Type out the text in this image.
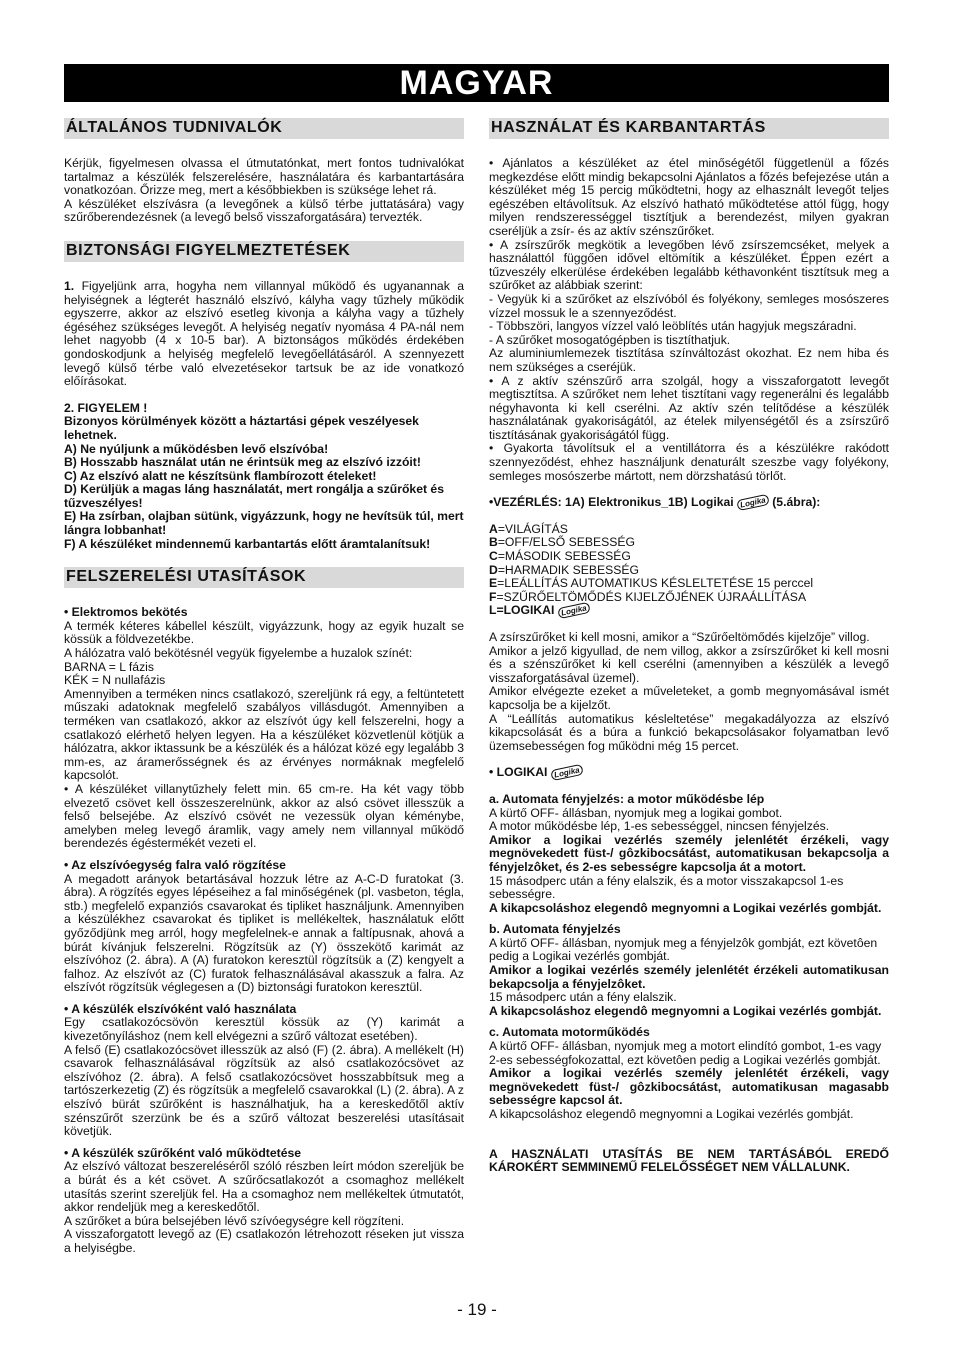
MAGYAR
ÁLTALÁNOS TUDNIVALÓK

Kérjük, figyelmesen olvassa el útmutatónkat, mert fontos tudnivalókat tartalmaz a készülék felszerelésére, használatára és karbantartására vonatkozóan. Őrizze meg, mert a későbbiekben is szüksége lehet rá.

A készüléket elszívásra (a levegőnek a külső térbe juttatására) vagy szűrőberendezésnek (a levegő belső visszaforgatására) tervezték.

BIZTONSÁGI FIGYELMEZTETÉSEK

1. Figyeljünk arra, hogyha nem villannyal működő és ugyanannak a helyiségnek a légterét használó elszívó, kályha vagy tűzhely működik egyszerre, akkor az elszívó esetleg kivonja a kályha vagy a tűzhely égéséhez szükséges levegőt. A helyiség negatív nyomása 4 PA-nál nem lehet nagyobb (4 x 10-5 bar). A biztonságos működés érdekében gondoskodjunk a helyiség megfelelő levegőellátásáról. A szennyezett levegő külső térbe való elvezetésekor tartsuk be az ide vonatkozó előírásokat.

2. FIGYELEM !

Bizonyos körülmények között a háztartási gépek veszélyesek lehetnek.

A) Ne nyúljunk a működésben levő elszívóba!

B) Hosszabb használat után ne érintsük meg az elszívó izzóit!

C) Az elszívó alatt ne készítsünk flambírozott ételeket!

D) Kerüljük a magas láng használatát, mert rongálja a szűrőket és tűzveszélyes!

E) Ha zsírban, olajban sütünk, vigyázzunk, hogy ne hevítsük túl, mert lángra lobbanhat!

F) A készüléket mindennemű karbantartás előtt áramtalanítsuk!

FELSZERELÉSI UTASÍTÁSOK

• Elektromos bekötés

A termék kéteres kábellel készült, vigyázzunk, hogy az egyik huzalt se kössük a földvezetékbe.

A hálózatra való bekötésnél vegyük figyelembe a huzalok színét:

BARNA = L fázis

KÉK = N nullafázis

Amennyiben a terméken nincs csatlakozó, szereljünk rá egy, a feltüntetett műszaki adatoknak megfelelő szabályos villásdugót. Amennyiben a terméken van csatlakozó, akkor az elszívót úgy kell felszerelni, hogy a csatlakozó elérhető helyen legyen. Ha a készüléket közvetlenül kötjük a hálózatra, akkor iktassunk be a készülék és a hálózat közé egy legalább 3 mm-es, az áramerősségnek és az érvényes normáknak megfelelő kapcsolót.

• A készüléket villanytűzhely felett min. 65 cm-re. Ha két vagy több elvezető csövet kell összeszerelnünk, akkor az alsó csövet illesszük a felső belsejébe. Az elszívó csövét ne vezessük olyan kéménybe, amelyben meleg levegő áramlik, vagy amely nem villannyal működő berendezés égéstermékét vezeti el.

• Az elszívóegység falra való rögzítése

A megadott arányok betartásával hozzuk létre az A-C-D furatokat (3. ábra). A rögzítés egyes lépéseihez a fal minőségének (pl. vasbeton, tégla, stb.) megfelelő expanziós csavarokat és tipliket használjunk. Amennyiben a készülékhez csavarokat és tipliket is mellékeltek, használatuk előtt győződjünk meg arról, hogy megfelelnek-e annak a faltípusnak, ahová a búrát kívánjuk felszerelni. Rögzítsük az (Y) összekötő karimát az elszívóhoz (2. ábra). A (A) furatokon keresztül rögzítsük a (Z) kengyelt a falhoz. Az elszívót az (C) furatok felhasználásával akasszuk a falra. Az elszívót rögzítsük véglegesen a (D) biztonsági furatokon keresztül.

• A készülék elszívóként való használata

Egy csatlakozócsövön keresztül kössük az (Y) karimát a kivezetőnyíláshoz (nem kell elvégezni a szűrő változat esetében).

A felső (E) csatlakozócsövet illesszük az alsó (F) (2. ábra). A mellékelt (H) csavarok felhasználásával rögzítsük az alsó csatlakozócsövet az elszívóhoz (2. ábra). A felső csatlakozócsövet hosszabbítsuk meg a tartószerkezetig (Z) és rögzítsük a megfelelő csavarokkal (L) (2. ábra). A z elszívó bürát szűrőként is használhatjuk, ha a kereskedőtől aktív szénszűrőt szerzünk be és a szűrő változat beszerelési utasításait követjük.

• A készülék szűrőként való működtetése

Az elszívó változat beszereléséről szóló részben leírt módon szereljük be a búrát és a két csövet. A szűrőcsatlakozót a csomaghoz mellékelt utasítás szerint szereljük fel. Ha a csomaghoz nem mellékeltek útmutatót, akkor rendeljük meg a kereskedőtől.

A szűrőket a búra belsejében lévő szívóegységre kell rögzíteni.

A visszaforgatott levegő az (E) csatlakozón létrehozott réseken jut vissza a helyiségbe.

HASZNÁLAT ÉS KARBANTARTÁS

• Ajánlatos a készüléket az étel minőségétől függetlenül a főzés megkezdése előtt mindig bekapcsolni Ajánlatos a főzés befejezése után a készüléket még 15 percig működtetni, hogy az elhasznált levegőt teljes egészében eltávolítsuk. Az elszívó hatható működtetése attól függ, hogy milyen rendszerességgel tisztítjuk a berendezést, milyen gyakran cseréljük a zsír- és az aktív szénszűrőket.

• A zsírszűrők megkötik a levegőben lévő zsírszemcséket, melyek a használattól függően idővel eltömítik a készüléket. Éppen ezért a tűzveszély elkerülése érdekében legalább kéthavonként tisztítsuk meg a szűrőket az alábbiak szerint:

- Vegyük ki a szűrőket az elszívóból és folyékony, semleges mosószeres vízzel mossuk le a szennyeződést.

- Többszöri, langyos vízzel való leöblítés után hagyjuk megszáradni.

- A szűrőket mosogatógépben is tisztíthatjuk.

Az aluminiumlemezek tisztítása színváltozást okozhat. Ez nem hiba és nem szükséges a cseréjük.

• A z aktív szénszűrő arra szolgál, hogy a visszaforgatott levegőt megtisztítsa. A szűrőket nem lehet tisztítani vagy regenerálni és legalább négyhavonta ki kell cserélni. Az aktív szén telítődése a készülék használatának gyakoriságától, az ételek milyenségétől és a zsírszűrő tisztításának gyakoriságától függ.

• Gyakorta távolítsuk el a ventillátorra és a készülékre rakódott szennyeződést, ehhez használjunk denaturált szeszbe vagy folyékony, semleges mosószerbe mártott, nem dörzshatású törlőt.

•VEZÉRLÉS: 1A) Elektronikus_1B) Logikai Logika (5.ábra):

A=VILÁGÍTÁS

B=OFF/ELSŐ SEBESSÉG

C=MÁSODIK SEBESSÉG

D=HARMADIK SEBESSÉG

E=LEÁLLÍTÁS AUTOMATIKUS KÉSLELTETÉSE 15 perccel

F=SZŰRŐELTÖMŐDÉS KIJELZŐJÉNEK ÚJRAÁLLÍTÁSA

L=LOGIKAI Logika

A zsírszűrőket ki kell mosni, amikor a “Szűrőeltömődés kijelzője” villog.

Amikor a jelző kigyullad, de nem villog, akkor a zsírszűrőket ki kell mosni és a szénszűrőket ki kell cserélni (amennyiben a készülék a levegő visszaforgatásával üzemel).

Amikor elvégezte ezeket a műveleteket, a gomb megnyomásával ismét kapcsolja be a kijelzőt.

A “Leállítás automatikus késleltetése” megakadályozza az elszívó kikapcsolását és a búra a funkció bekapcsolásakor folyamatban levő üzemsebességen fog működni még 15 percet.

• LOGIKAI Logika

a. Automata fényjelzés: a motor működésbe lép

A kürtő OFF- állásban, nyomjuk meg a logikai gombot.

A motor működésbe lép, 1-es sebességgel, nincsen fényjelzés.

Amikor a logikai vezérlés személy jelenlétét érzékeli, vagy megnövekedett füst-/ gôzkibocsátást, automatikusan bekapcsolja a fényjelzôket, és 2-es sebességre kapcsolja át a motort.

15 másodperc után a fény elalszik, és a motor visszakapcsol 1-es sebességre.

A kikapcsoláshoz elegendô megnyomni a Logikai vezérlés gombját.

b. Automata fényjelzés

A kürtő OFF- állásban, nyomjuk meg a fényjelzôk gombját, ezt követôen pedig a Logikai vezérlés gombját.

Amikor a logikai vezérlés személy jelenlétét érzékeli automatikusan bekapcsolja a fényjelzôket.

15 másodperc után a fény elalszik.

A kikapcsoláshoz elegendô megnyomni a Logikai vezérlés gombját.

c. Automata motorműködés

A kürtő OFF- állásban, nyomjuk meg a motort elindító gombot, 1-es vagy 2-es sebességfokozattal, ezt követôen pedig a Logikai vezérlés gombját.

Amikor a logikai vezérlés személy jelenlétét érzékeli, vagy megnövekedett füst-/ gôzkibocsátást, automatikusan magasabb sebességre kapcsol át.

A kikapcsoláshoz elegendô megnyomni a Logikai vezérlés gombját.

A HASZNÁLATI UTASÍTÁS BE NEM TARTÁSÁBÓL EREDŐ KÁROKÉRT SEMMINEMŰ FELELŐSSÉGET NEM VÁLLALUNK.

- 19 -
